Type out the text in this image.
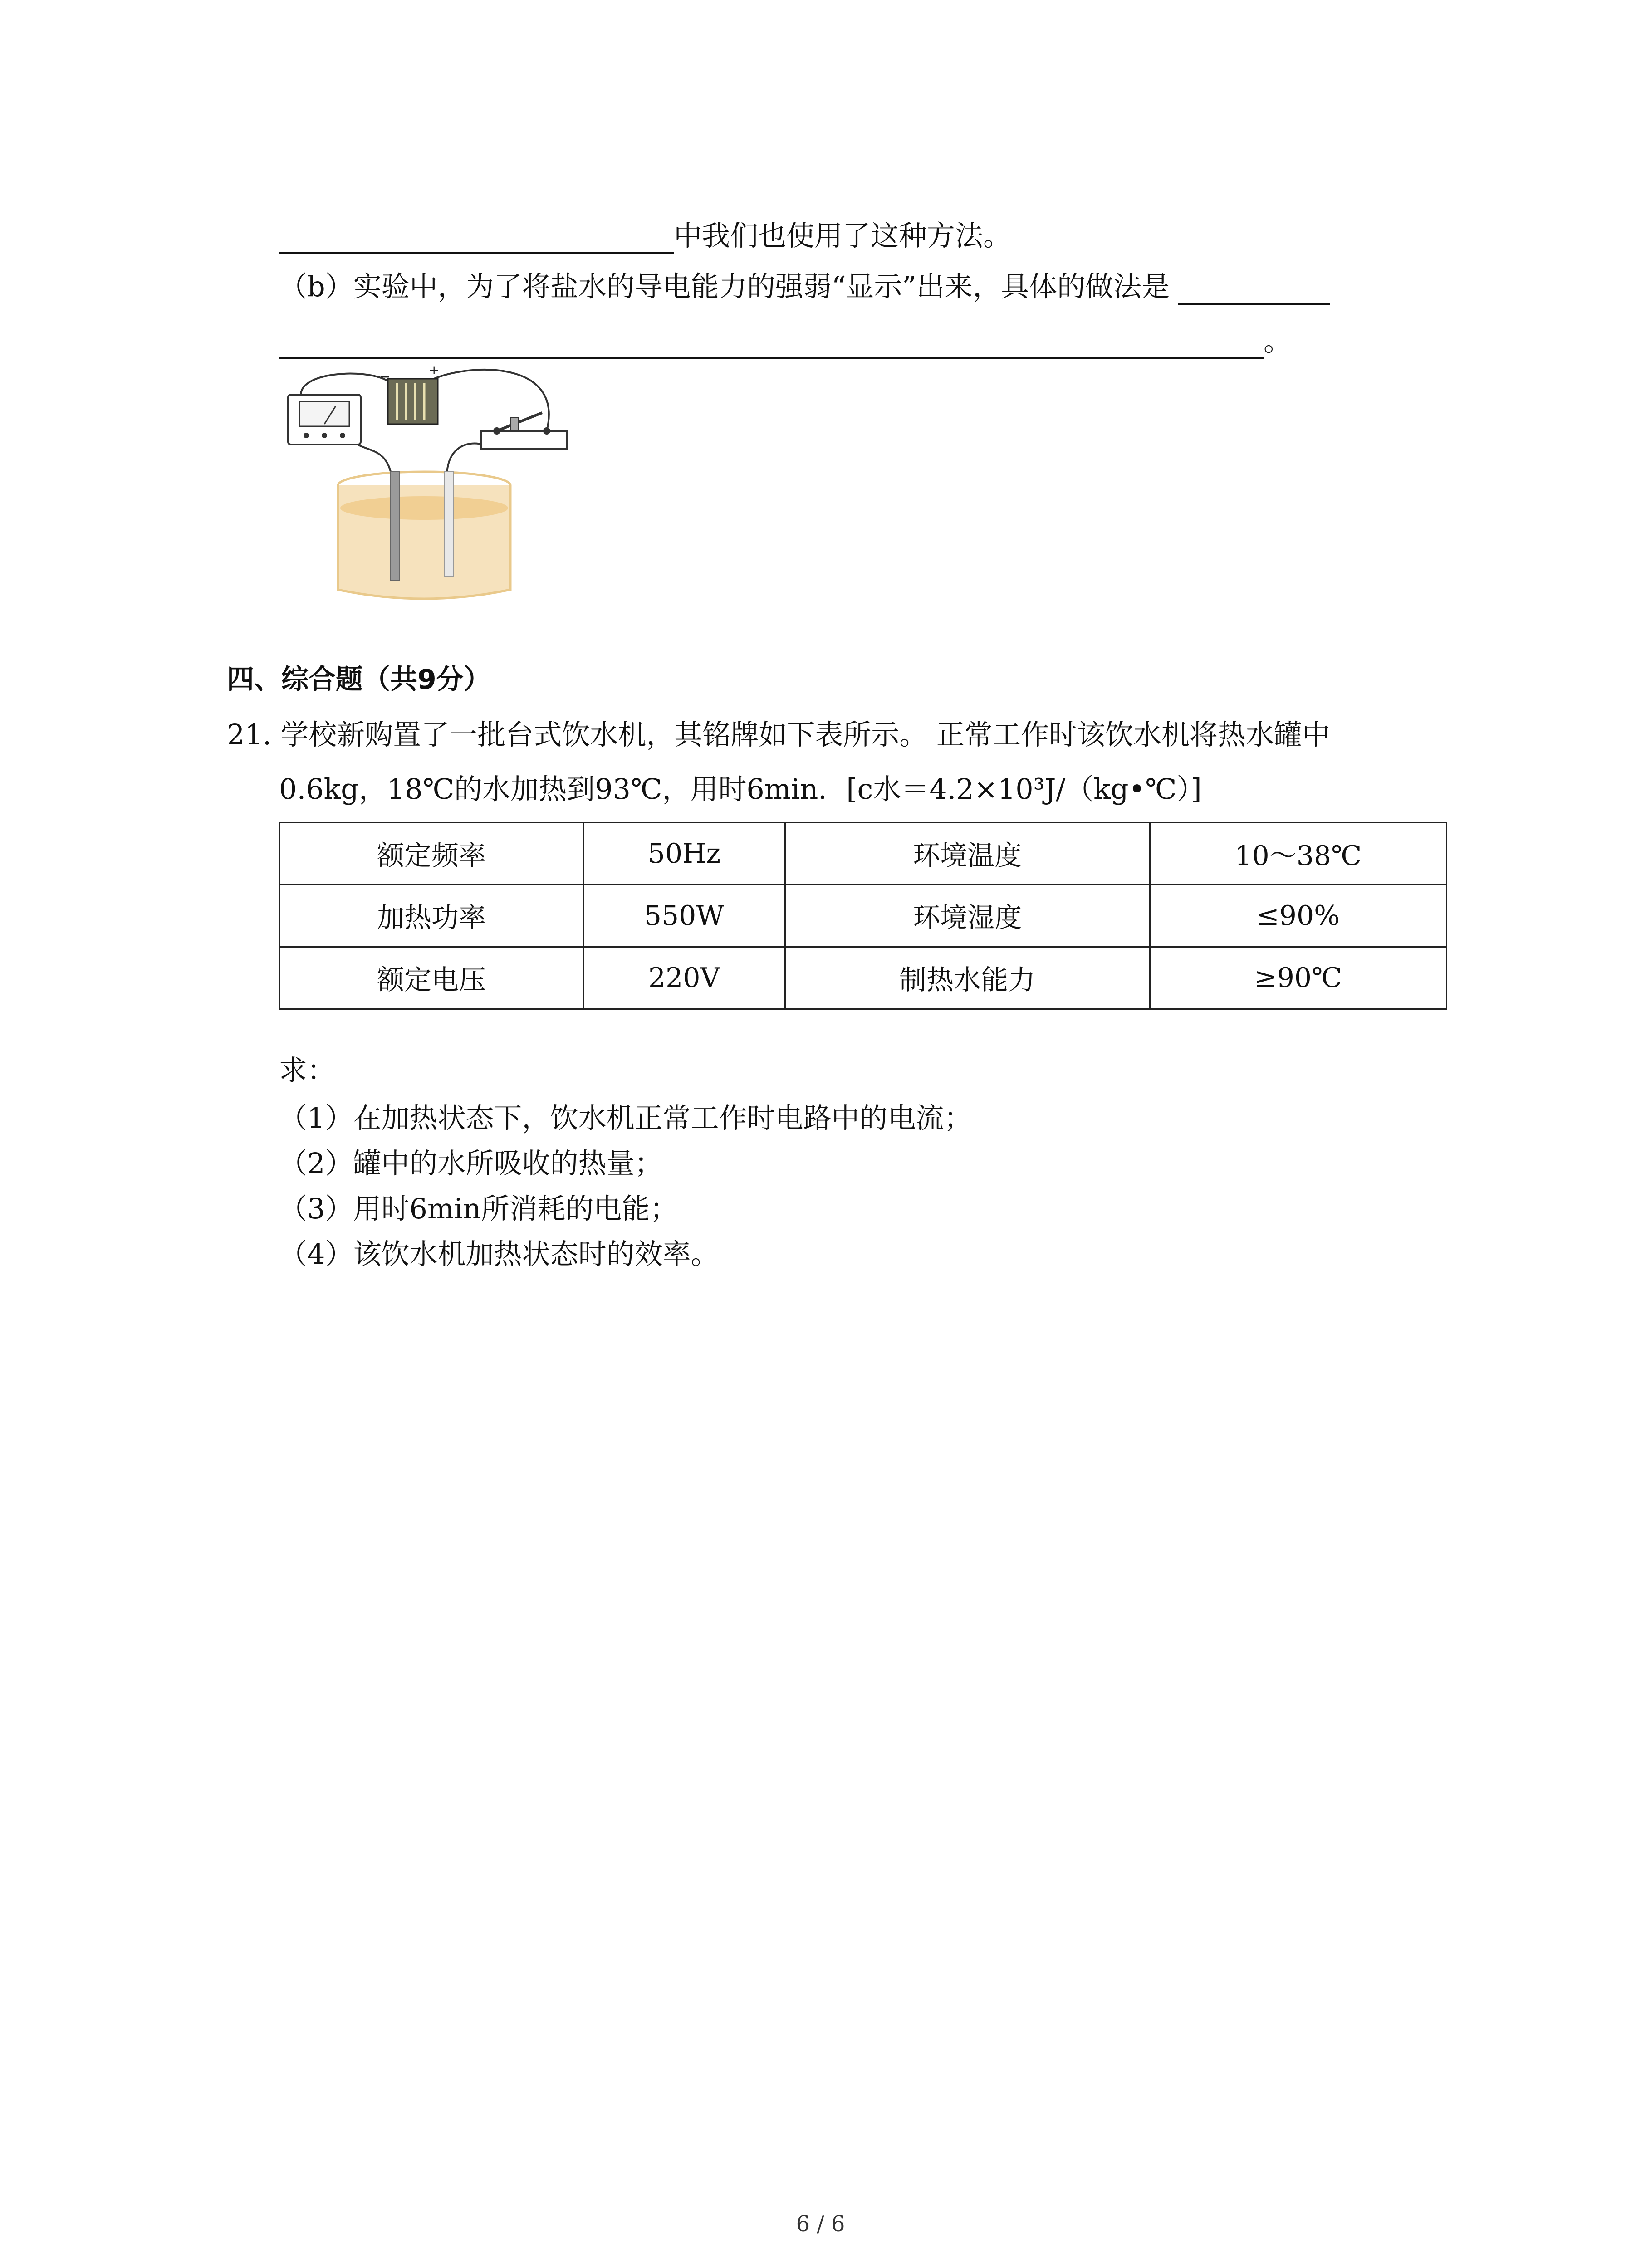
中我们也使用了这种方法。
（b）实验中，为了将盐水的导电能力的强弱“显示”出来，具体的做法是
。
−	+
四、综合题（共9分）
21. 学校新购置了一批台式饮水机，其铭牌如下表所示。 正常工作时该饮水机将热水罐中
0.6kg，18℃的水加热到93℃，用时6min．[c水＝4.2×10³J/（kg•℃）]
额定频率	50Hz	环境温度	10～38℃
加热功率	550W	环境湿度	≤90%
额定电压	220V	制热水能力	≥90℃
求：
（1）在加热状态下，饮水机正常工作时电路中的电流；
（2）罐中的水所吸收的热量；
（3）用时6min所消耗的电能；
（4）该饮水机加热状态时的效率。
6 / 6
